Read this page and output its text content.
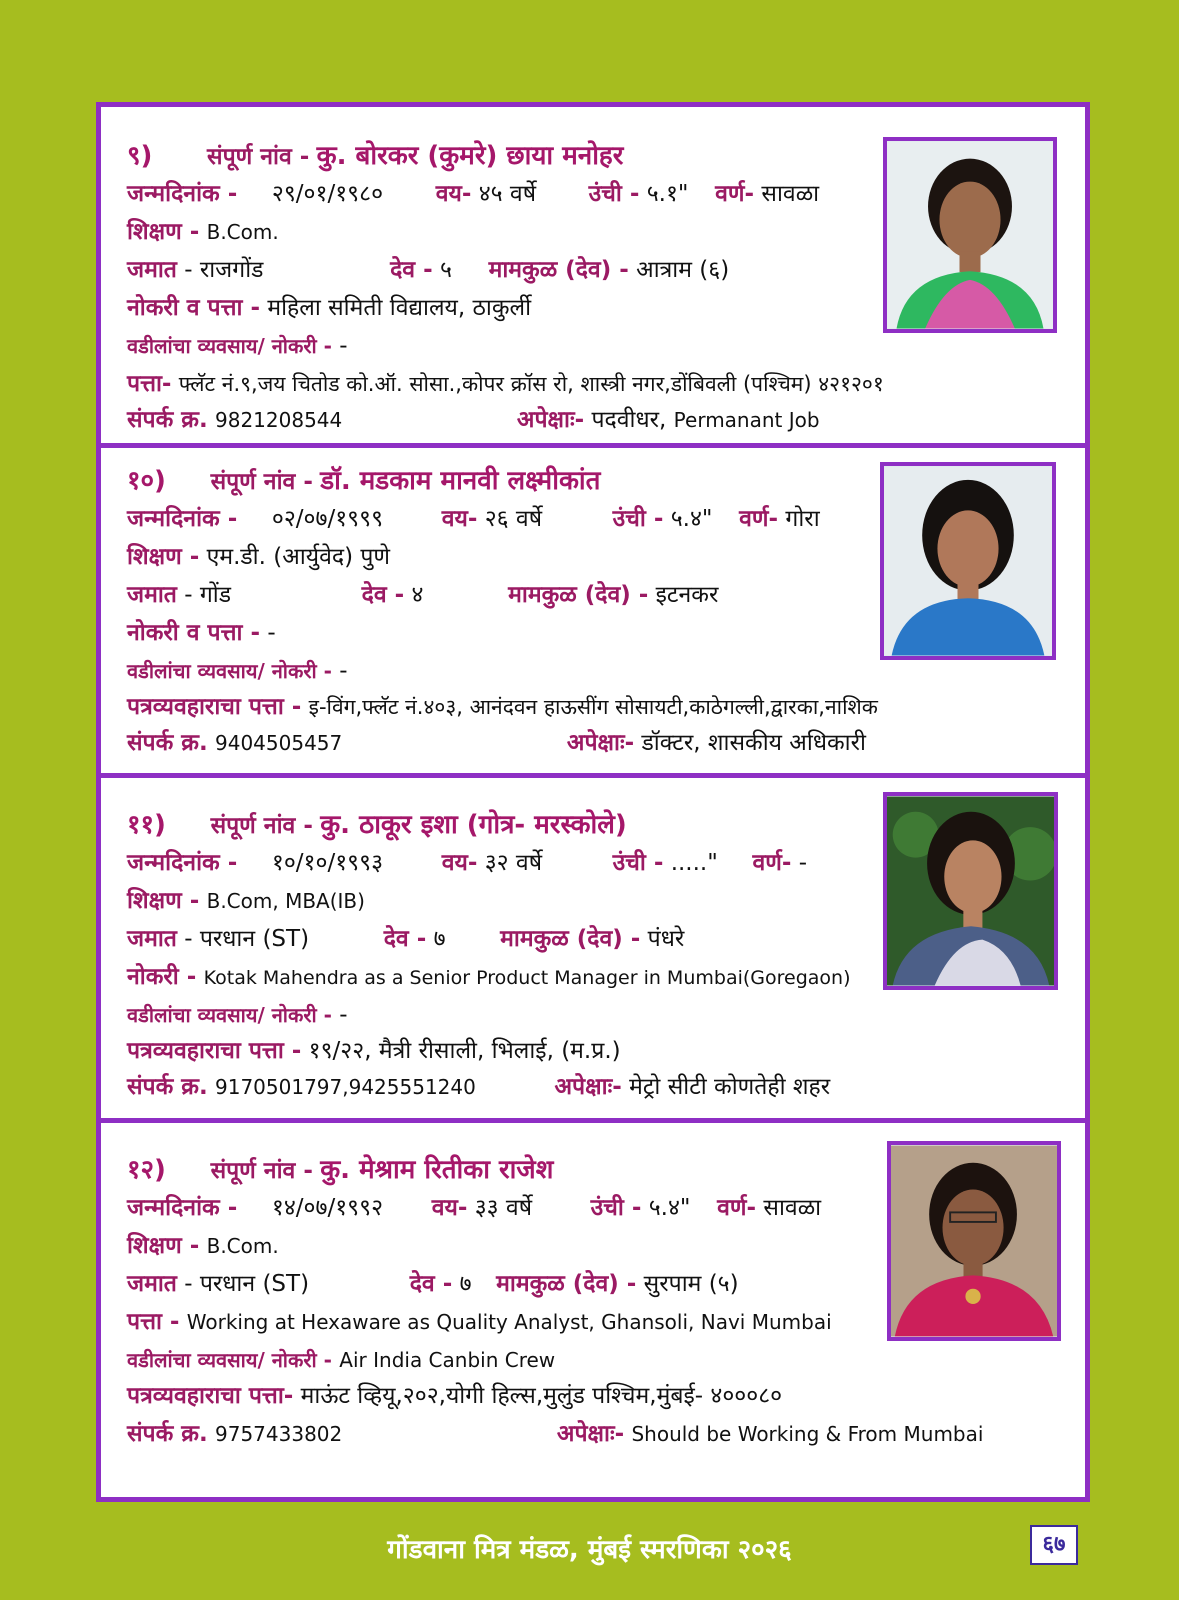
९) संपूर्ण नांव - कु. बोरकर (कुमरे) छाया मनोहर
जन्मदिनांक - २९/०१/१९८० वय- ४५ वर्षे उंची - ५.१" वर्ण- सावळा
शिक्षण - B.Com.
जमात - राजगोंड	देव - ५ मामकुळ (देव) - आत्राम (६)
नोकरी व पत्ता - महिला समिती विद्यालय, ठाकुर्ली
वडीलांचा व्यवसाय/ नोकरी - -
पत्ता- फ्लॅट नं.९,जय चितोड को.ऑ. सोसा.,कोपर क्रॉस रो, शास्त्री नगर,डोंबिवली (पश्चिम) ४२१२०१
संपर्क क्र. 9821208544	अपेक्षाः- पदवीधर, Permanant Job
१०) संपूर्ण नांव - डॉ. मडकाम मानवी लक्ष्मीकांत
जन्मदिनांक - ०२/०७/१९९९	वय- २६ वर्षे	उंची - ५.४" वर्ण- गोरा
शिक्षण - एम.डी. (आर्युवेद) पुणे
जमात - गोंड	देव - ४	मामकुळ (देव) - इटनकर
नोकरी व पत्ता - -
वडीलांचा व्यवसाय/ नोकरी - -
पत्रव्यवहाराचा पत्ता - इ-विंग,फ्लॅट नं.४०३, आनंदवन हाऊसींग सोसायटी,काठेगल्ली,द्वारका,नाशिक
संपर्क क्र. 9404505457	अपेक्षाः- डॉक्टर, शासकीय अधिकारी
११) संपूर्ण नांव - कु. ठाकूर इशा (गोत्र- मरस्कोले)
जन्मदिनांक - १०/१०/१९९३	वय- ३२ वर्षे	उंची - ....." वर्ण- -
शिक्षण - B.Com, MBA(IB)
जमात - परधान (ST)	देव - ७ मामकुळ (देव) - पंधरे
नोकरी - Kotak Mahendra as a Senior Product Manager in Mumbai(Goregaon)
वडीलांचा व्यवसाय/ नोकरी - -
पत्रव्यवहाराचा पत्ता - १९/२२, मैत्री रीसाली, भिलाई, (म.प्र.)
संपर्क क्र. 9170501797,9425551240	अपेक्षाः- मेट्रो सीटी कोणतेही शहर
१२) संपूर्ण नांव - कु. मेश्राम रितीका राजेश
जन्मदिनांक - १४/०७/१९९२ वय- ३३ वर्षे	उंची - ५.४" वर्ण- सावळा
शिक्षण - B.Com.
जमात - परधान (ST)	देव - ७ मामकुळ (देव) - सुरपाम (५)
पत्ता - Working at Hexaware as Quality Analyst, Ghansoli, Navi Mumbai
वडीलांचा व्यवसाय/ नोकरी - Air India Canbin Crew
पत्रव्यवहाराचा पत्ता- माऊंट व्हियू,२०२,योगी हिल्स,मुलुंड पश्चिम,मुंबई- ४०००८०
संपर्क क्र. 9757433802	अपेक्षाः- Should be Working & From Mumbai
गोंडवाना मित्र मंडळ, मुंबई स्मरणिका २०२६	६७
